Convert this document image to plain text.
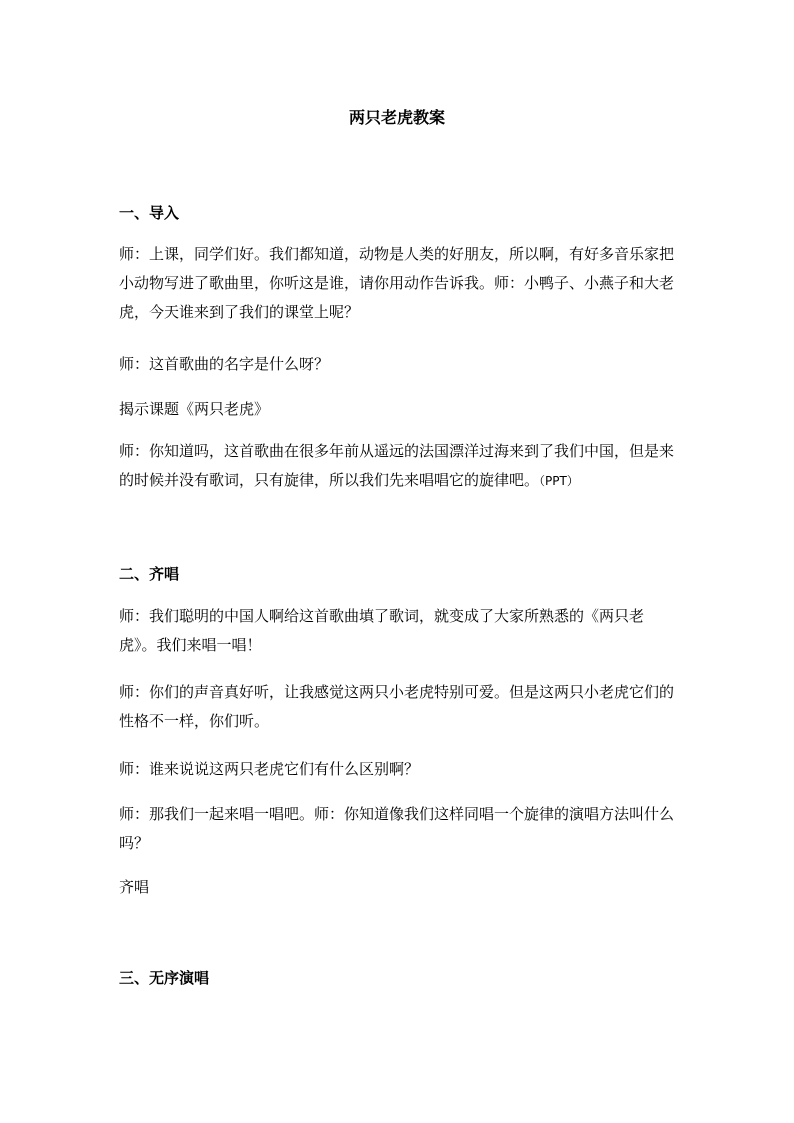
两只老虎教案
一、导入

师：上课，同学们好。我们都知道，动物是人类的好朋友，所以啊，有好多音乐家把小动物写进了歌曲里，你听这是谁，请你用动作告诉我。师：小鸭子、小燕子和大老虎，今天谁来到了我们的课堂上呢？

师：这首歌曲的名字是什么呀？

揭示课题《两只老虎》

师：你知道吗，这首歌曲在很多年前从遥远的法国漂洋过海来到了我们中国，但是来的时候并没有歌词，只有旋律，所以我们先来唱唱它的旋律吧。（PPT）

二、齐唱

师：我们聪明的中国人啊给这首歌曲填了歌词，就变成了大家所熟悉的《两只老虎》。我们来唱一唱！

师：你们的声音真好听，让我感觉这两只小老虎特别可爱。但是这两只小老虎它们的性格不一样，你们听。

师：谁来说说这两只老虎它们有什么区别啊？

师：那我们一起来唱一唱吧。师：你知道像我们这样同唱一个旋律的演唱方法叫什么吗？

齐唱

三、无序演唱
